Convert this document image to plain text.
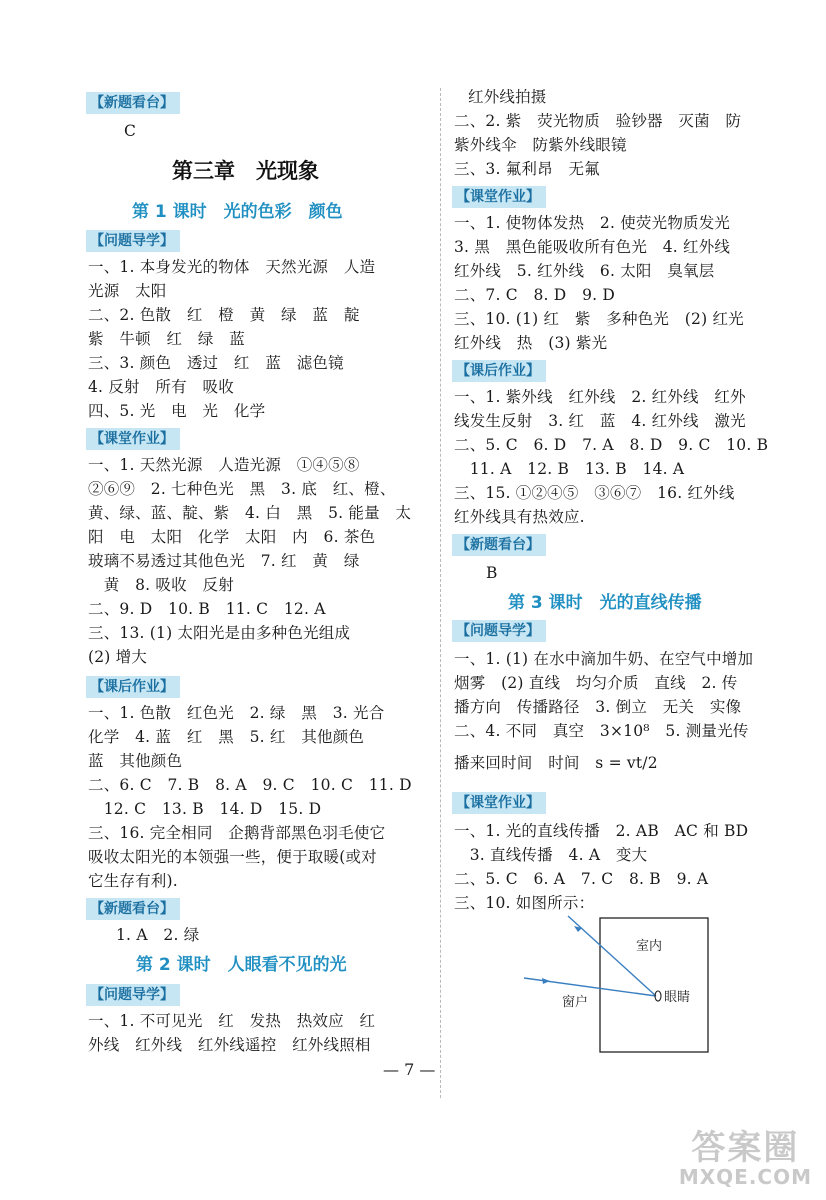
【新题看台】
C
第三章　光现象
第 1 课时　光的色彩　颜色
【问题导学】
一、1. 本身发光的物体　天然光源　人造
光源　太阳
二、2. 色散　红　橙　黄　绿　蓝　靛
紫　牛顿　红　绿　蓝
三、3. 颜色　透过　红　蓝　滤色镜
4. 反射　所有　吸收
四、5. 光　电　光　化学
【课堂作业】
一、1. 天然光源　人造光源　①④⑤⑧
②⑥⑨　2. 七种色光　黑　3. 底　红、橙、
黄、绿、蓝、靛、紫　4. 白　黑　5. 能量　太
阳　电　太阳　化学　太阳　内　6. 茶色
玻璃不易透过其他色光　7. 红　黄　绿
　黄　8. 吸收　反射
二、9. D　10. B　11. C　12. A
三、13. (1) 太阳光是由多种色光组成
(2) 增大
【课后作业】
一、1. 色散　红色光　2. 绿　黑　3. 光合
化学　4. 蓝　红　黑　5. 红　其他颜色
蓝　其他颜色
二、6. C　7. B　8. A　9. C　10. C　11. D
　12. C　13. B　14. D　15. D
三、16. 完全相同　企鹅背部黑色羽毛使它
吸收太阳光的本领强一些，便于取暖(或对
它生存有利).
【新题看台】
1. A　2. 绿
第 2 课时　人眼看不见的光
【问题导学】
一、1. 不可见光　红　发热　热效应　红
外线　红外线　红外线遥控　红外线照相
红外线拍摄
二、2. 紫　荧光物质　验钞器　灭菌　防
紫外线伞　防紫外线眼镜
三、3. 氟利昂　无氟
【课堂作业】
一、1. 使物体发热　2. 使荧光物质发光
3. 黑　黑色能吸收所有色光　4. 红外线
红外线　5. 红外线　6. 太阳　臭氧层
二、7. C　8. D　9. D
三、10. (1) 红　紫　多种色光　(2) 红光
红外线　热　(3) 紫光
【课后作业】
一、1. 紫外线　红外线　2. 红外线　红外
线发生反射　3. 红　蓝　4. 红外线　激光
二、5. C　6. D　7. A　8. D　9. C　10. B
　11. A　12. B　13. B　14. A
三、15. ①②④⑤　③⑥⑦　16. 红外线
红外线具有热效应.
【新题看台】
B
第 3 课时　光的直线传播
【问题导学】
一、1. (1) 在水中滴加牛奶、在空气中增加
烟雾　(2) 直线　均匀介质　直线　2. 传
播方向　传播路径　3. 倒立　无关　实像
二、4. 不同　真空　3×10⁸　5. 测量光传
播来回时间　时间　s = vt/2
【课堂作业】
一、1. 光的直线传播　2. AB　AC 和 BD
　3. 直线传播　4. A　变大
二、5. C　6. A　7. C　8. B　9. A
三、10. 如图所示：
室内
窗户	眼睛
— 7 —
答案圈
MXQE.COM
